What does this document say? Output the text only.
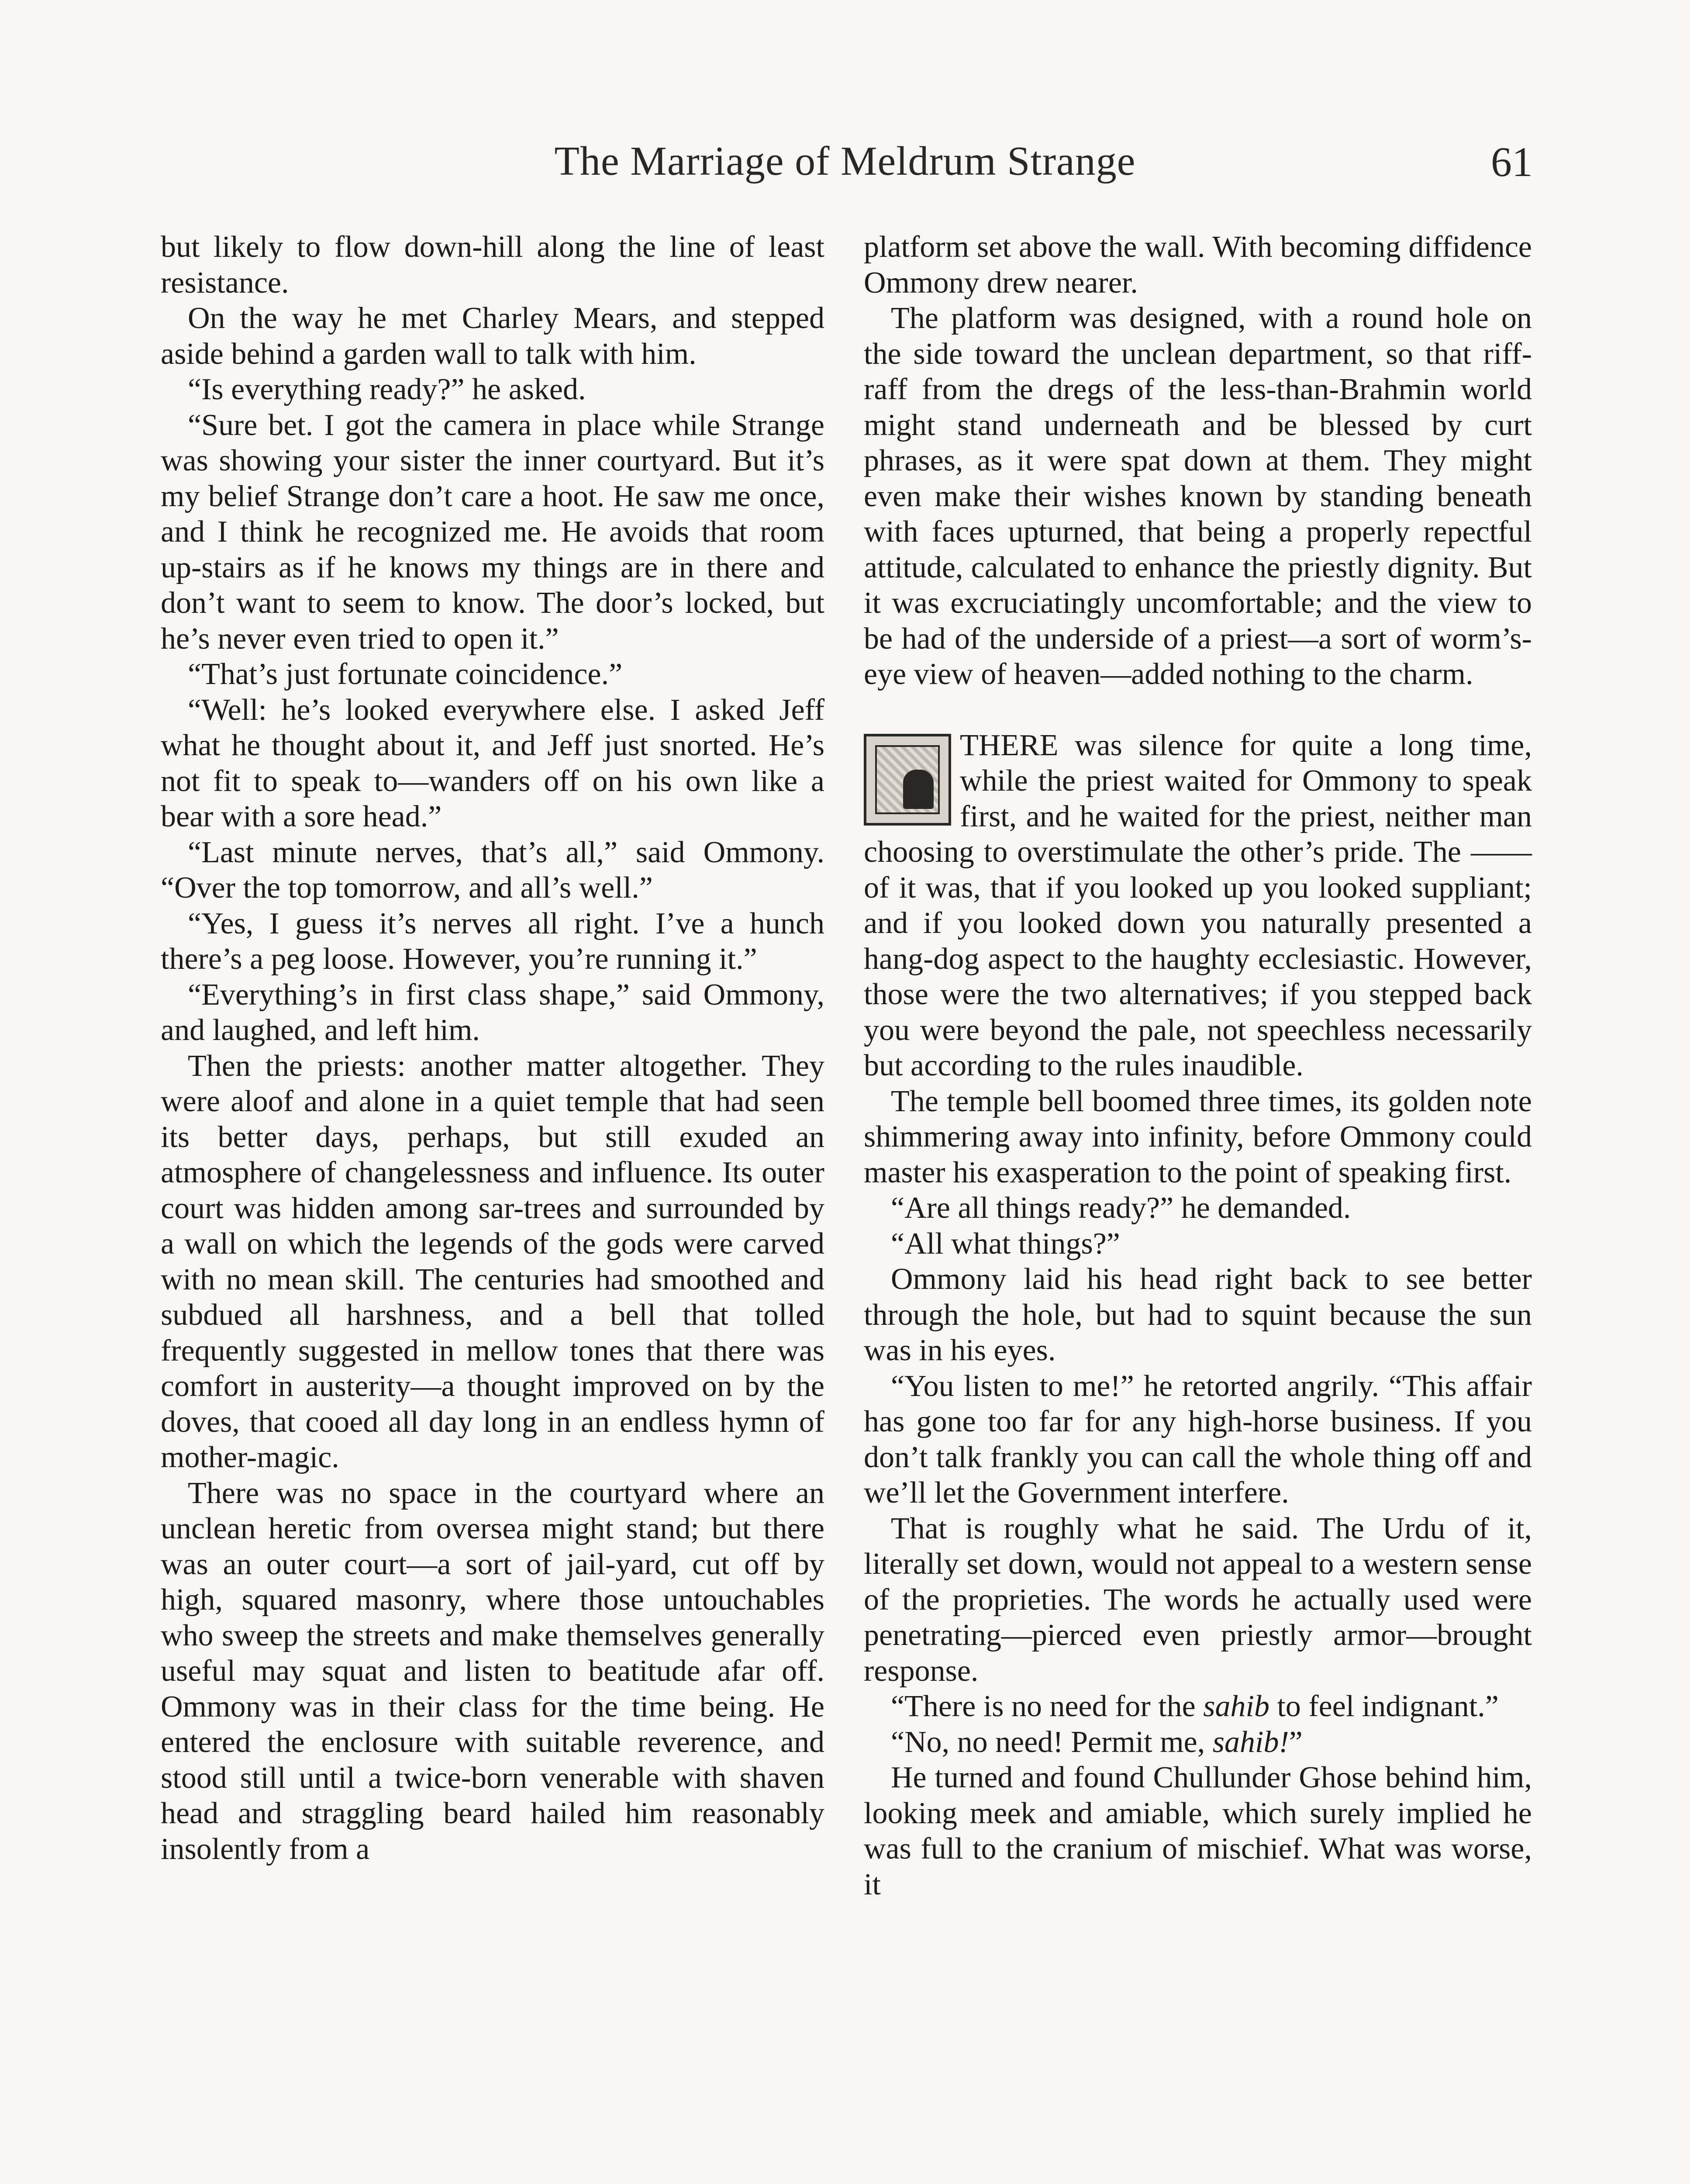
The Marriage of Meldrum Strange	61

but likely to flow down-hill along the line of least resistance.

On the way he met Charley Mears, and stepped aside behind a garden wall to talk with him.

“Is everything ready?” he asked.

“Sure bet. I got the camera in place while Strange was showing your sister the inner courtyard. But it’s my belief Strange don’t care a hoot. He saw me once, and I think he recognized me. He avoids that room up-stairs as if he knows my things are in there and don’t want to seem to know. The door’s locked, but he’s never even tried to open it.”

“That’s just fortunate coincidence.”

“Well: he’s looked everywhere else. I asked Jeff what he thought about it, and Jeff just snorted. He’s not fit to speak to—wanders off on his own like a bear with a sore head.”

“Last minute nerves, that’s all,” said Ommony. “Over the top tomorrow, and all’s well.”

“Yes, I guess it’s nerves all right. I’ve a hunch there’s a peg loose. However, you’re running it.”

“Everything’s in first class shape,” said Ommony, and laughed, and left him.

Then the priests: another matter altogether. They were aloof and alone in a quiet temple that had seen its better days, perhaps, but still exuded an atmosphere of changelessness and influence. Its outer court was hidden among sar-trees and surrounded by a wall on which the legends of the gods were carved with no mean skill. The centuries had smoothed and subdued all harshness, and a bell that tolled frequently suggested in mellow tones that there was comfort in austerity—a thought improved on by the doves, that cooed all day long in an endless hymn of mother-magic.

There was no space in the courtyard where an unclean heretic from oversea might stand; but there was an outer court—a sort of jail-yard, cut off by high, squared masonry, where those untouchables who sweep the streets and make themselves generally useful may squat and listen to beatitude afar off. Ommony was in their class for the time being. He entered the enclosure with suitable reverence, and stood still until a twice-born venerable with shaven head and straggling beard hailed him reasonably insolently from a

platform set above the wall. With becoming diffidence Ommony drew nearer.

The platform was designed, with a round hole on the side toward the unclean department, so that riff-raff from the dregs of the less-than-Brahmin world might stand underneath and be blessed by curt phrases, as it were spat down at them. They might even make their wishes known by standing beneath with faces upturned, that being a properly repectful attitude, calculated to enhance the priestly dignity. But it was excruciatingly uncomfortable; and the view to be had of the underside of a priest—a sort of worm’s-eye view of heaven—added nothing to the charm.

THERE was silence for quite a long time, while the priest waited for Ommony to speak first, and he waited for the priest, neither man choosing to overstimulate the other’s pride. The —— of it was, that if you looked up you looked suppliant; and if you looked down you naturally presented a hang-dog aspect to the haughty ecclesiastic. However, those were the two alternatives; if you stepped back you were beyond the pale, not speechless necessarily but according to the rules inaudible.

The temple bell boomed three times, its golden note shimmering away into infinity, before Ommony could master his exasperation to the point of speaking first.

“Are all things ready?” he demanded.

“All what things?”

Ommony laid his head right back to see better through the hole, but had to squint because the sun was in his eyes.

“You listen to me!” he retorted angrily. “This affair has gone too far for any high-horse business. If you don’t talk frankly you can call the whole thing off and we’ll let the Government interfere.

That is roughly what he said. The Urdu of it, literally set down, would not appeal to a western sense of the proprieties. The words he actually used were penetrating—pierced even priestly armor—brought response.

“There is no need for the sahib to feel indignant.”

“No, no need! Permit me, sahib!”

He turned and found Chullunder Ghose behind him, looking meek and amiable, which surely implied he was full to the cranium of mischief. What was worse, it
